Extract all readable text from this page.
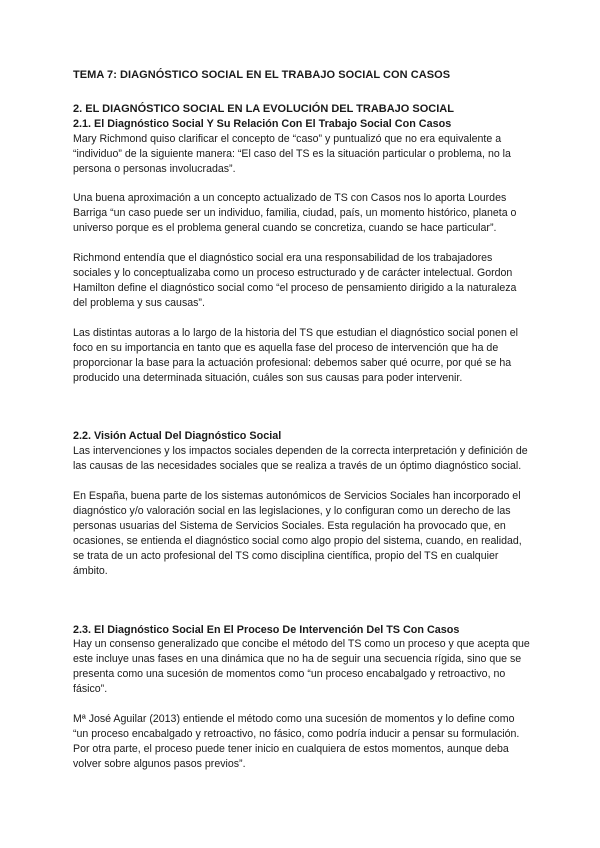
TEMA 7: DIAGNÓSTICO SOCIAL EN EL TRABAJO SOCIAL CON CASOS
2. EL DIAGNÓSTICO SOCIAL EN LA EVOLUCIÓN DEL TRABAJO SOCIAL
2.1. El Diagnóstico Social Y Su Relación Con El Trabajo Social Con Casos

Mary Richmond quiso clarificar el concepto de “caso” y puntualizó que no era equivalente a “individuo” de la siguiente manera: “El caso del TS es la situación particular o problema, no la persona o personas involucradas”.

Una buena aproximación a un concepto actualizado de TS con Casos nos lo aporta Lourdes Barriga “un caso puede ser un individuo, familia, ciudad, país, un momento histórico, planeta o universo porque es el problema general cuando se concretiza, cuando se hace particular”.

Richmond entendía que el diagnóstico social era una responsabilidad de los trabajadores sociales y lo conceptualizaba como un proceso estructurado y de carácter intelectual. Gordon Hamilton define el diagnóstico social como “el proceso de pensamiento dirigido a la naturaleza del problema y sus causas”.

Las distintas autoras a lo largo de la historia del TS que estudian el diagnóstico social ponen el foco en su importancia en tanto que es aquella fase del proceso de intervención que ha de proporcionar la base para la actuación profesional: debemos saber qué ocurre, por qué se ha producido una determinada situación, cuáles son sus causas para poder intervenir.

2.2. Visión Actual Del Diagnóstico Social

Las intervenciones y los impactos sociales dependen de la correcta interpretación y definición de las causas de las necesidades sociales que se realiza a través de un óptimo diagnóstico social.

En España, buena parte de los sistemas autonómicos de Servicios Sociales han incorporado el diagnóstico y/o valoración social en las legislaciones, y lo configuran como un derecho de las personas usuarias del Sistema de Servicios Sociales. Esta regulación ha provocado que, en ocasiones, se entienda el diagnóstico social como algo propio del sistema, cuando, en realidad, se trata de un acto profesional del TS como disciplina científica, propio del TS en cualquier ámbito.

2.3. El Diagnóstico Social En El Proceso De Intervención Del TS Con Casos

Hay un consenso generalizado que concibe el método del TS como un proceso y que acepta que este incluye unas fases en una dinámica que no ha de seguir una secuencia rígida, sino que se presenta como una sucesión de momentos como “un proceso encabalgado y retroactivo, no fásico”.

Mª José Aguilar (2013) entiende el método como una sucesión de momentos y lo define como “un proceso encabalgado y retroactivo, no fásico, como podría inducir a pensar su formulación. Por otra parte, el proceso puede tener inicio en cualquiera de estos momentos, aunque deba volver sobre algunos pasos previos”.
